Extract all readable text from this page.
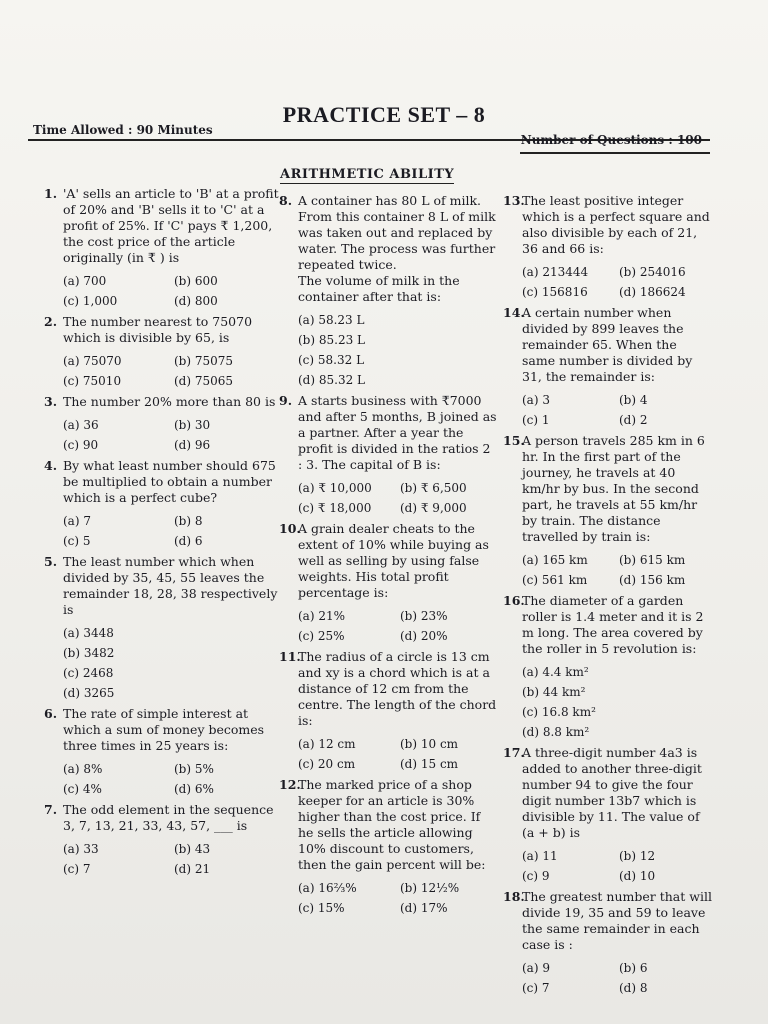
PRACTICE SET – 8
Time Allowed : 90 Minutes
Number of Questions : 100
ARITHMETIC ABILITY
1. 'A' sells an article to 'B' at a profit of 20% and 'B' sells it to 'C' at a profit of 25%. If 'C' pays ₹ 1,200, the cost price of the article originally (in ₹ ) is
(a) 700	(b) 600
(c) 1,000	(d) 800
2. The number nearest to 75070 which is divisible by 65, is
(a) 75070	(b) 75075
(c) 75010	(d) 75065
3. The number 20% more than 80 is
(a) 36	(b) 30
(c) 90	(d) 96
4. By what least number should 675 be multiplied to obtain a number which is a perfect cube?
(a) 7	(b) 8
(c) 5	(d) 6
5. The least number which when divided by 35, 45, 55 leaves the remainder 18, 28, 38 respectively is
(a) 3448
(b) 3482
(c) 2468
(d) 3265
6. The rate of simple interest at which a sum of money becomes three times in 25 years is:
(a) 8%	(b) 5%
(c) 4%	(d) 6%
7. The odd element in the sequence 3, 7, 13, 21, 33, 43, 57, ___ is
(a) 33	(b) 43
(c) 7	(d) 21
8. A container has 80 L of milk. From this container 8 L of milk was taken out and replaced by water. The process was further repeated twice.
The volume of milk in the container after that is:
(a) 58.23 L
(b) 85.23 L
(c) 58.32 L
(d) 85.32 L
9. A starts business with ₹7000 and after 5 months, B joined as a partner. After a year the profit is divided in the ratios 2 : 3. The capital of B is:
(a) ₹ 10,000	(b) ₹ 6,500
(c) ₹ 18,000	(d) ₹ 9,000
10.
A grain dealer cheats to the extent of 10% while buying as well as selling by using false weights. His total profit percentage is:
(a) 21%	(b) 23%
(c) 25%	(d) 20%
11.
The radius of a circle is 13 cm and xy is a chord which is at a distance of 12 cm from the centre. The length of the chord is:
(a) 12 cm	(b) 10 cm
(c) 20 cm	(d) 15 cm
12.
The marked price of a shop keeper for an article is 30% higher than the cost price. If he sells the article allowing 10% discount to customers, then the gain percent will be:
(a) 16⅔%	(b) 12½%
(c) 15%	(d) 17%
13.
The least positive integer which is a perfect square and also divisible by each of 21, 36 and 66 is:
(a) 213444	(b) 254016
(c) 156816	(d) 186624
14.
A certain number when divided by 899 leaves the remainder 65. When the same number is divided by 31, the remainder is:
(a) 3	(b) 4
(c) 1	(d) 2
15.
A person travels 285 km in 6 hr. In the first part of the journey, he travels at 40 km/hr by bus. In the second part, he travels at 55 km/hr by train. The distance travelled by train is:
(a) 165 km	(b) 615 km
(c) 561 km	(d) 156 km
16.
The diameter of a garden roller is 1.4 meter and it is 2 m long. The area covered by the roller in 5 revolution is:
(a) 4.4 km²
(b) 44 km²
(c) 16.8 km²
(d) 8.8 km²
17.
A three-digit number 4a3 is added to another three-digit number 94 to give the four digit number 13b7 which is divisible by 11. The value of (a + b) is
(a) 11	(b) 12
(c) 9	(d) 10
18.
The greatest number that will divide 19, 35 and 59 to leave the same remainder in each case is :
(a) 9	(b) 6
(c) 7	(d) 8
